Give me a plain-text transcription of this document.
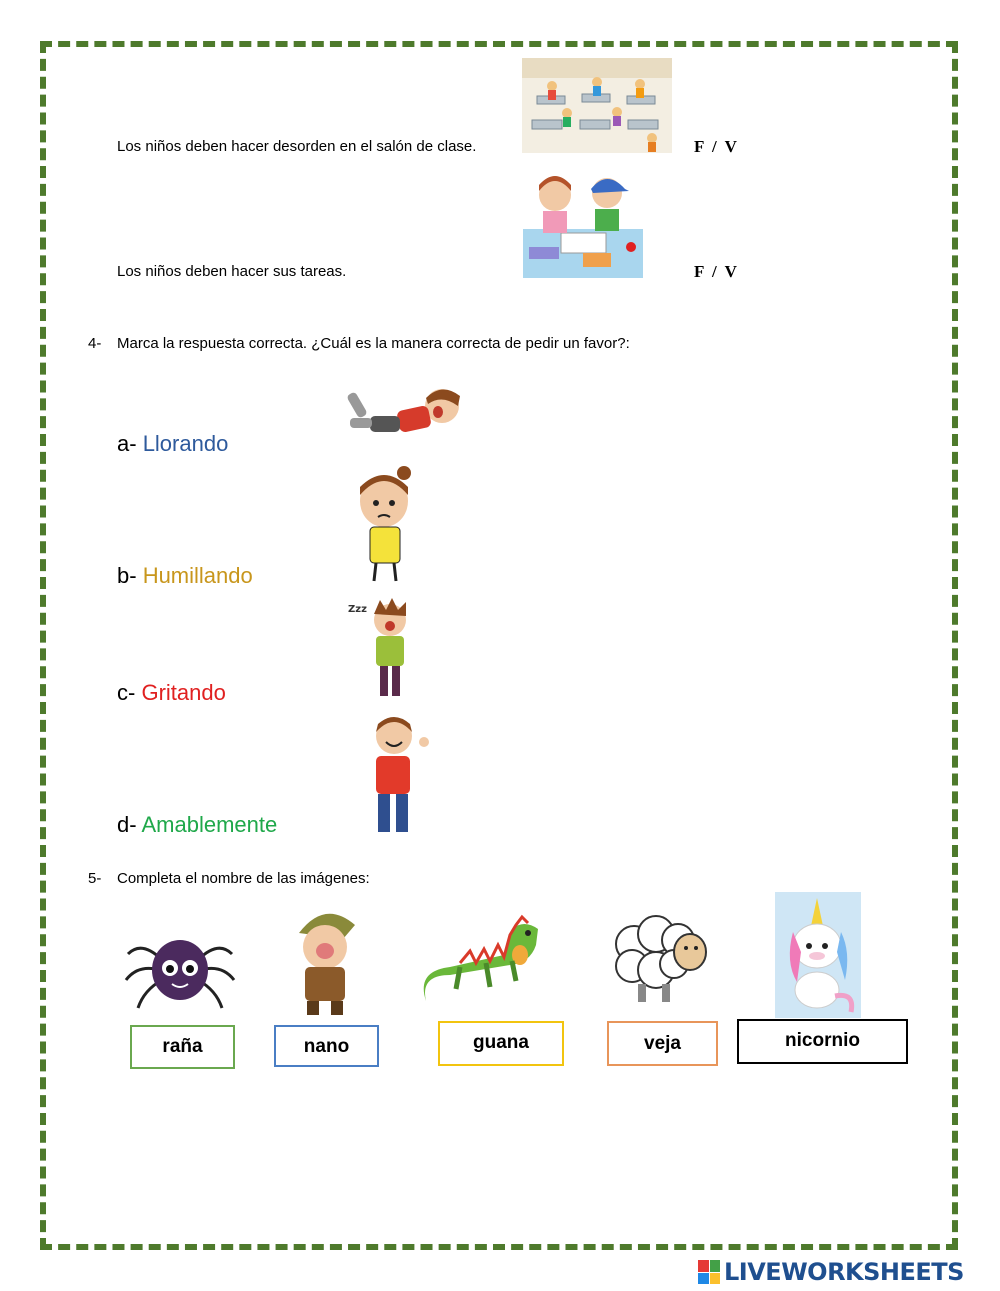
Los niños deben hacer desorden en el salón de clase.	F / V
Los niños deben hacer sus tareas.	F / V
4- Marca la respuesta correcta. ¿Cuál es la manera correcta de pedir un favor?:
a- Llorando
b- Humillando
Zzz
c- Gritando
d- Amablemente
5- Completa el nombre de las imágenes:
raña	nano	guana	veja	nicornio
LIVEWORKSHEETS
